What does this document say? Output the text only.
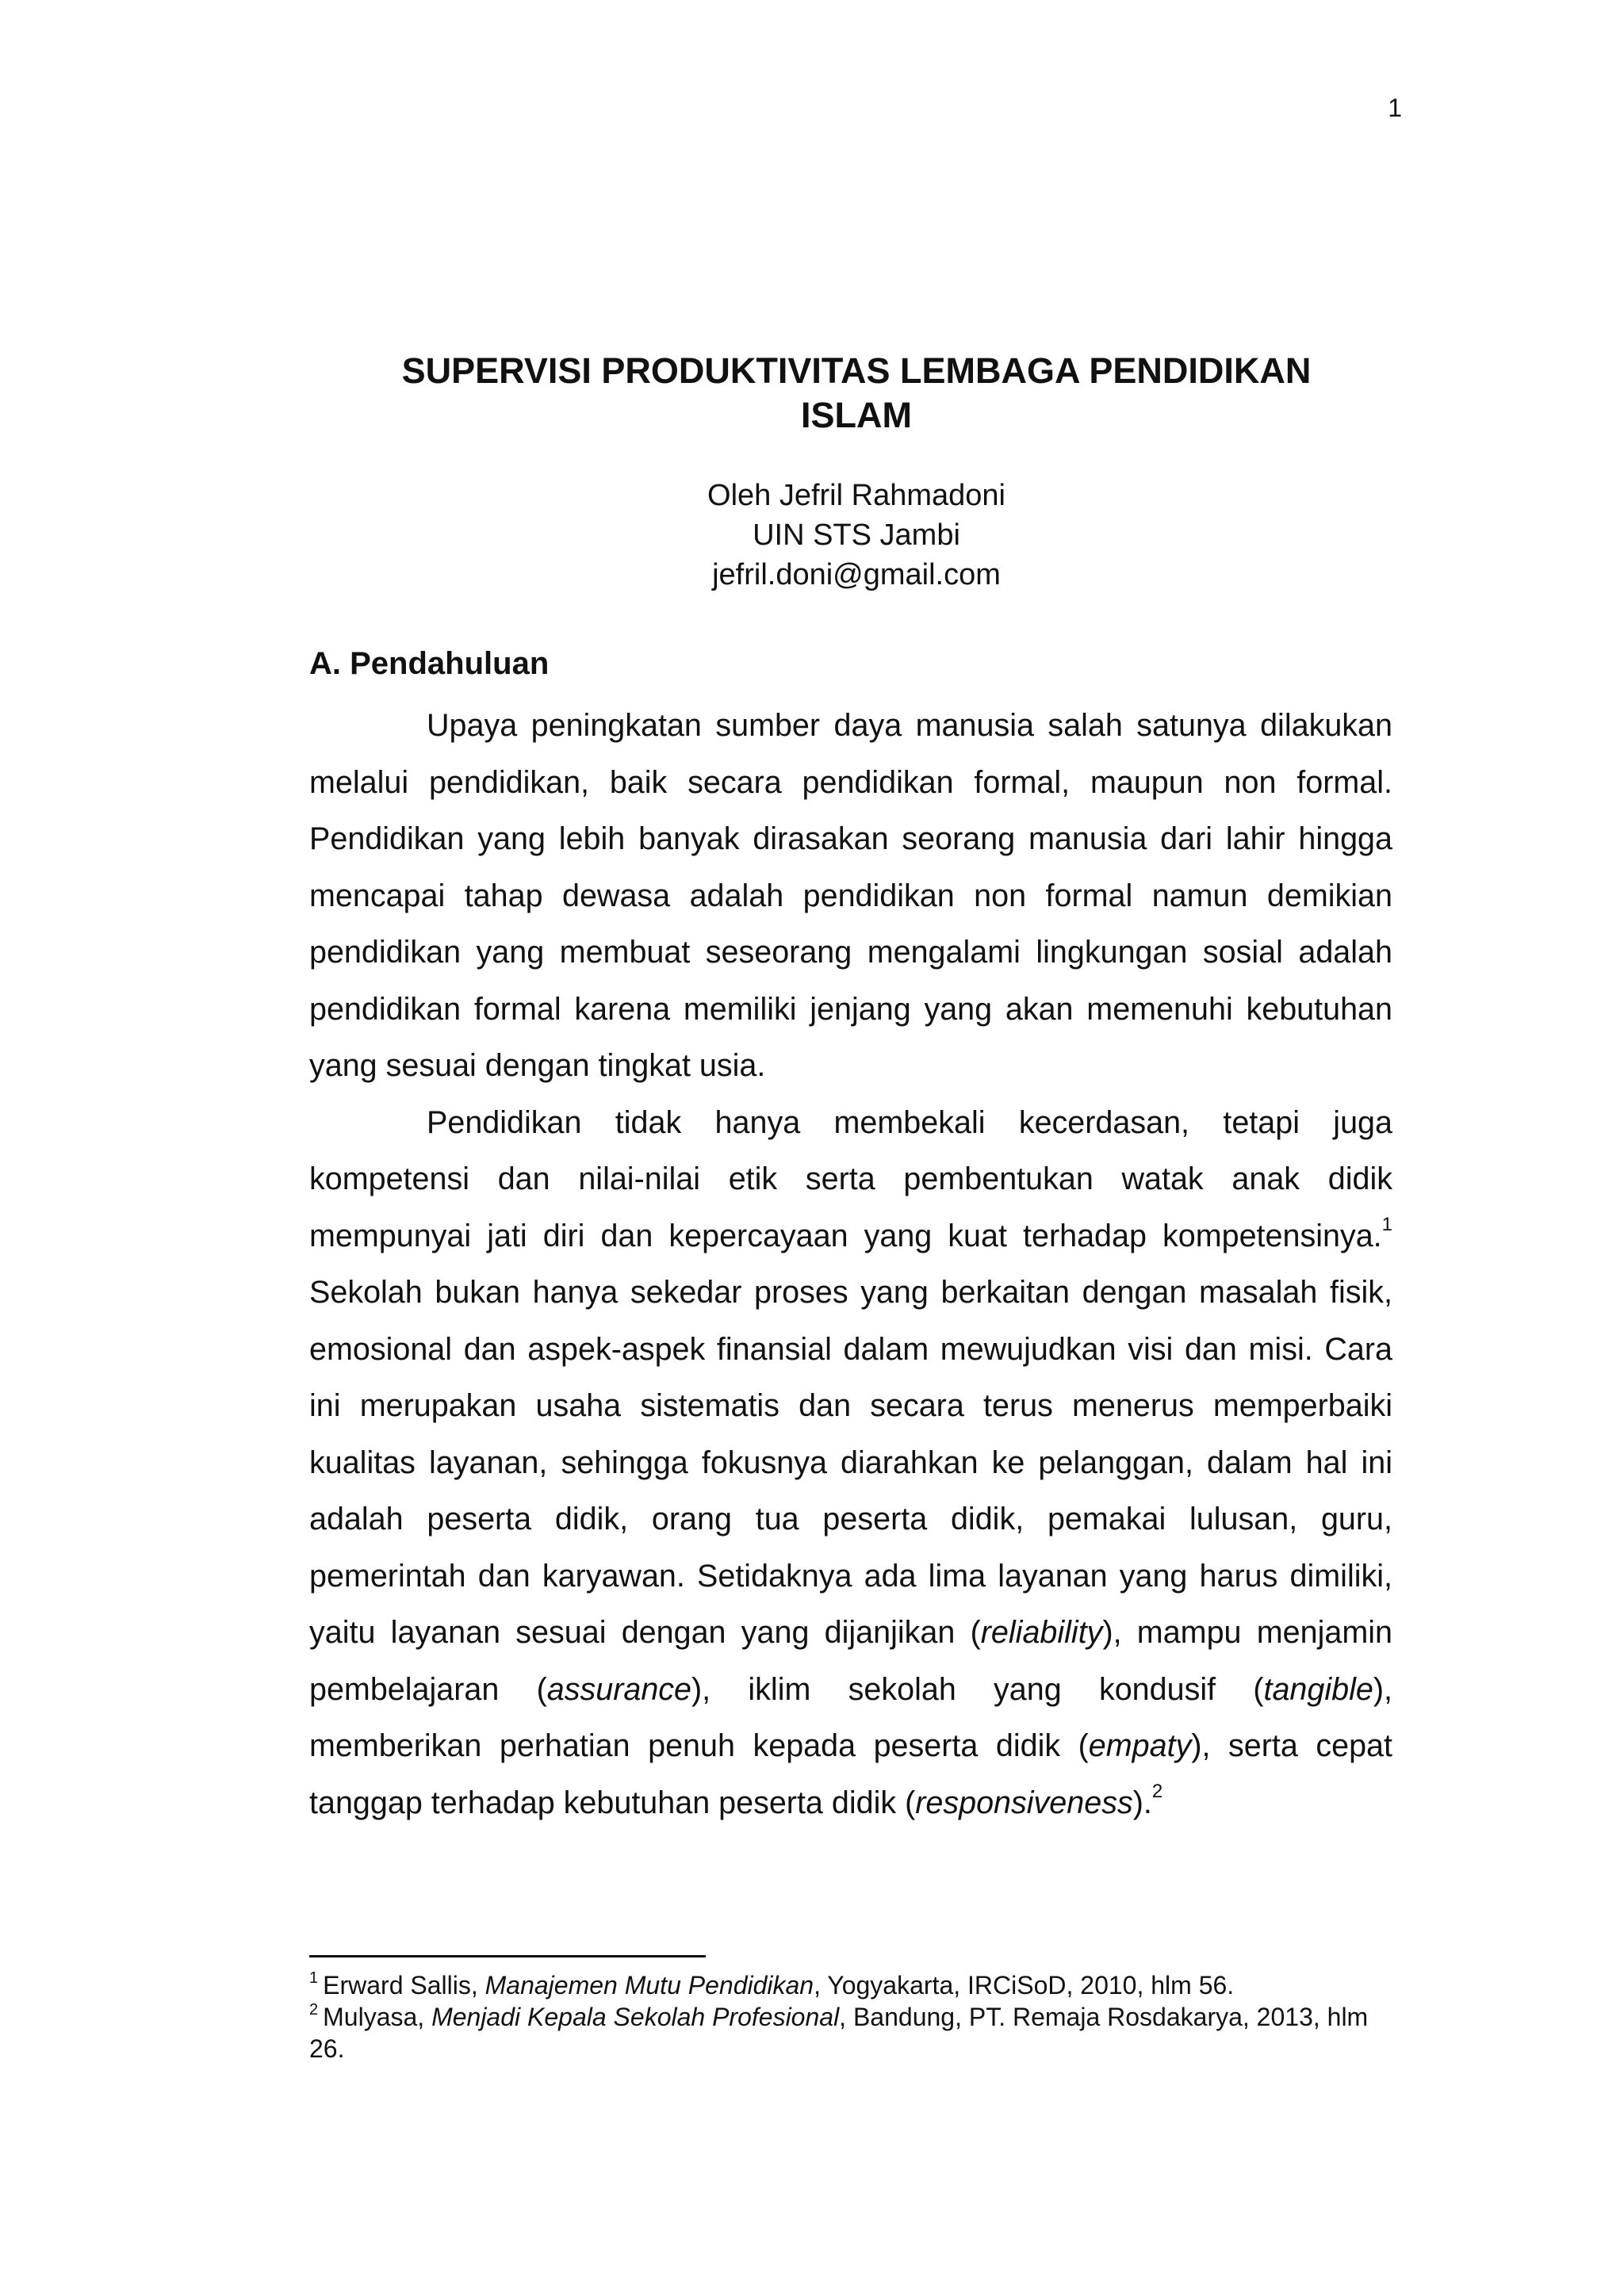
1
SUPERVISI PRODUKTIVITAS LEMBAGA PENDIDIKAN
ISLAM
Oleh Jefril Rahmadoni
UIN STS Jambi
jefril.doni@gmail.com
A. Pendahuluan

Upaya peningkatan sumber daya manusia salah satunya dilakukan melalui pendidikan, baik secara pendidikan formal, maupun non formal. Pendidikan yang lebih banyak dirasakan seorang manusia dari lahir hingga mencapai tahap dewasa adalah pendidikan non formal namun demikian pendidikan yang membuat seseorang mengalami lingkungan sosial adalah pendidikan formal karena memiliki jenjang yang akan memenuhi kebutuhan yang sesuai dengan tingkat usia.

Pendidikan tidak hanya membekali kecerdasan, tetapi juga kompetensi dan nilai-nilai etik serta pembentukan watak anak didik mempunyai jati diri dan kepercayaan yang kuat terhadap kompetensinya.$^1$ Sekolah bukan hanya sekedar proses yang berkaitan dengan masalah fisik, emosional dan aspek-aspek finansial dalam mewujudkan visi dan misi. Cara ini merupakan usaha sistematis dan secara terus menerus memperbaiki kualitas layanan, sehingga fokusnya diarahkan ke pelanggan, dalam hal ini adalah peserta didik, orang tua peserta didik, pemakai lulusan, guru, pemerintah dan karyawan. Setidaknya ada lima layanan yang harus dimiliki, yaitu layanan sesuai dengan yang dijanjikan (reliability), mampu menjamin pembelajaran (assurance), iklim sekolah yang kondusif (tangible), memberikan perhatian penuh kepada peserta didik (empaty), serta cepat tanggap terhadap kebutuhan peserta didik (responsiveness).$^2$

$^1$ Erward Sallis, Manajemen Mutu Pendidikan, Yogyakarta, IRCiSoD, 2010, hlm 56.
$^2$ Mulyasa, Menjadi Kepala Sekolah Profesional, Bandung, PT. Remaja Rosdakarya, 2013, hlm 26.
